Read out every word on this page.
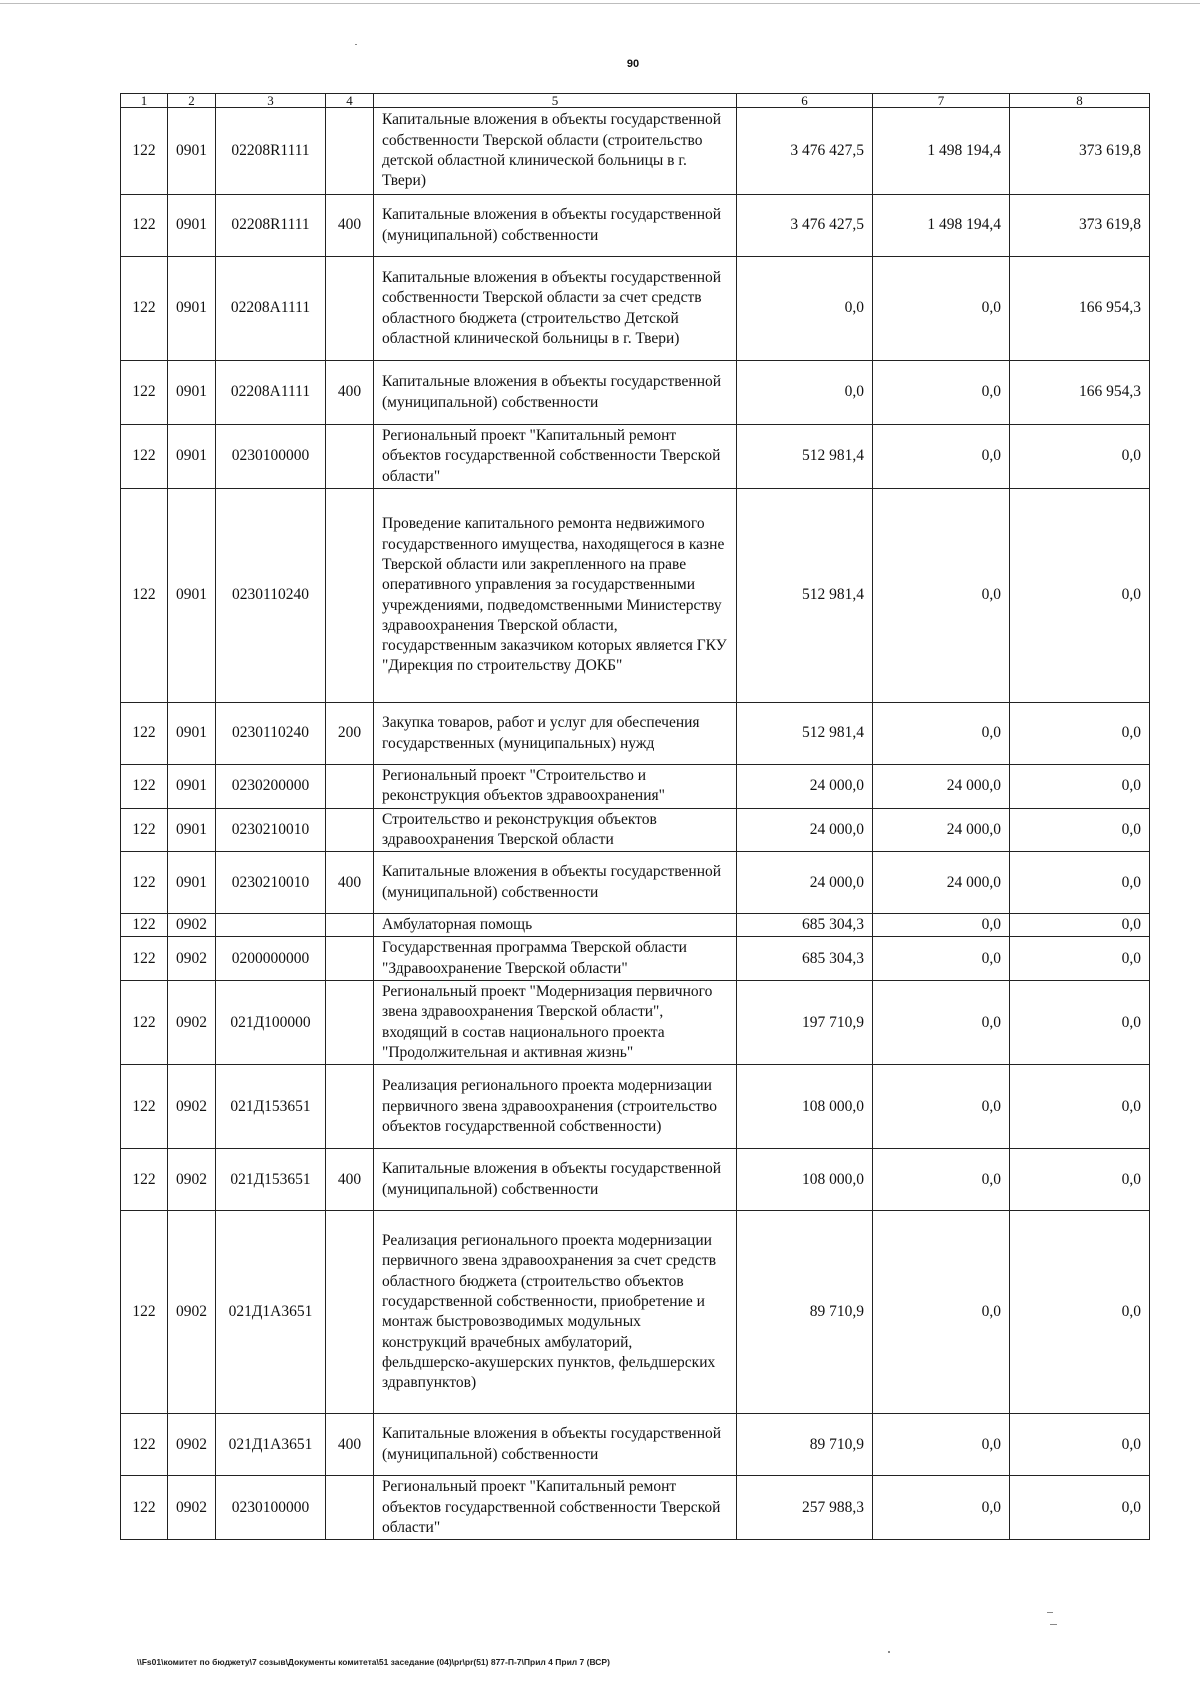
90
1	2	3	4	5	6	7	8
122	0901	02208R1111		Капитальные вложения в объекты государственной собственности Тверской области (строительство детской областной клинической больницы в г. Твери)	3 476 427,5	1 498 194,4	373 619,8
122	0901	02208R1111	400	Капитальные вложения в объекты государственной (муниципальной) собственности	3 476 427,5	1 498 194,4	373 619,8
122	0901	02208A1111		Капитальные вложения в объекты государственной собственности Тверской области за счет средств областного бюджета (строительство Детской областной клинической больницы в г. Твери)	0,0	0,0	166 954,3
122	0901	02208A1111	400	Капитальные вложения в объекты государственной (муниципальной) собственности	0,0	0,0	166 954,3
122	0901	0230100000		Региональный проект "Капитальный ремонт объектов государственной собственности Тверской области"	512 981,4	0,0	0,0
122	0901	0230110240		Проведение капитального ремонта недвижимого государственного имущества, находящегося в казне Тверской области или закрепленного на праве оперативного управления за государственными учреждениями, подведомственными Министерству здравоохранения Тверской области, государственным заказчиком которых является ГКУ "Дирекция по строительству ДОКБ"	512 981,4	0,0	0,0
122	0901	0230110240	200	Закупка товаров, работ и услуг для обеспечения государственных (муниципальных) нужд	512 981,4	0,0	0,0
122	0901	0230200000		Региональный проект "Строительство и реконструкция объектов здравоохранения"	24 000,0	24 000,0	0,0
122	0901	0230210010		Строительство и реконструкция объектов здравоохранения Тверской области	24 000,0	24 000,0	0,0
122	0901	0230210010	400	Капитальные вложения в объекты государственной (муниципальной) собственности	24 000,0	24 000,0	0,0
122	0902			Амбулаторная помощь	685 304,3	0,0	0,0
122	0902	0200000000		Государственная программа Тверской области "Здравоохранение Тверской области"	685 304,3	0,0	0,0
122	0902	021Д100000		Региональный проект "Модернизация первичного звена здравоохранения Тверской области", входящий в состав национального проекта "Продолжительная и активная жизнь"	197 710,9	0,0	0,0
122	0902	021Д153651		Реализация регионального проекта модернизации первичного звена здравоохранения (строительство объектов государственной собственности)	108 000,0	0,0	0,0
122	0902	021Д153651	400	Капитальные вложения в объекты государственной (муниципальной) собственности	108 000,0	0,0	0,0
122	0902	021Д1А3651		Реализация регионального проекта модернизации первичного звена здравоохранения за счет средств областного бюджета (строительство объектов государственной собственности, приобретение и монтаж быстровозводимых модульных конструкций врачебных амбулаторий, фельдшерско-акушерских пунктов, фельдшерских здравпунктов)	89 710,9	0,0	0,0
122	0902	021Д1А3651	400	Капитальные вложения в объекты государственной (муниципальной) собственности	89 710,9	0,0	0,0
122	0902	0230100000		Региональный проект "Капитальный ремонт объектов государственной собственности Тверской области"	257 988,3	0,0	0,0
\\Fs01\комитет по бюджету\7 созыв\Документы комитета\51 заседание (04)\pr\pr(51) 877-П-7\Прил 4 Прил 7 (ВСР)
